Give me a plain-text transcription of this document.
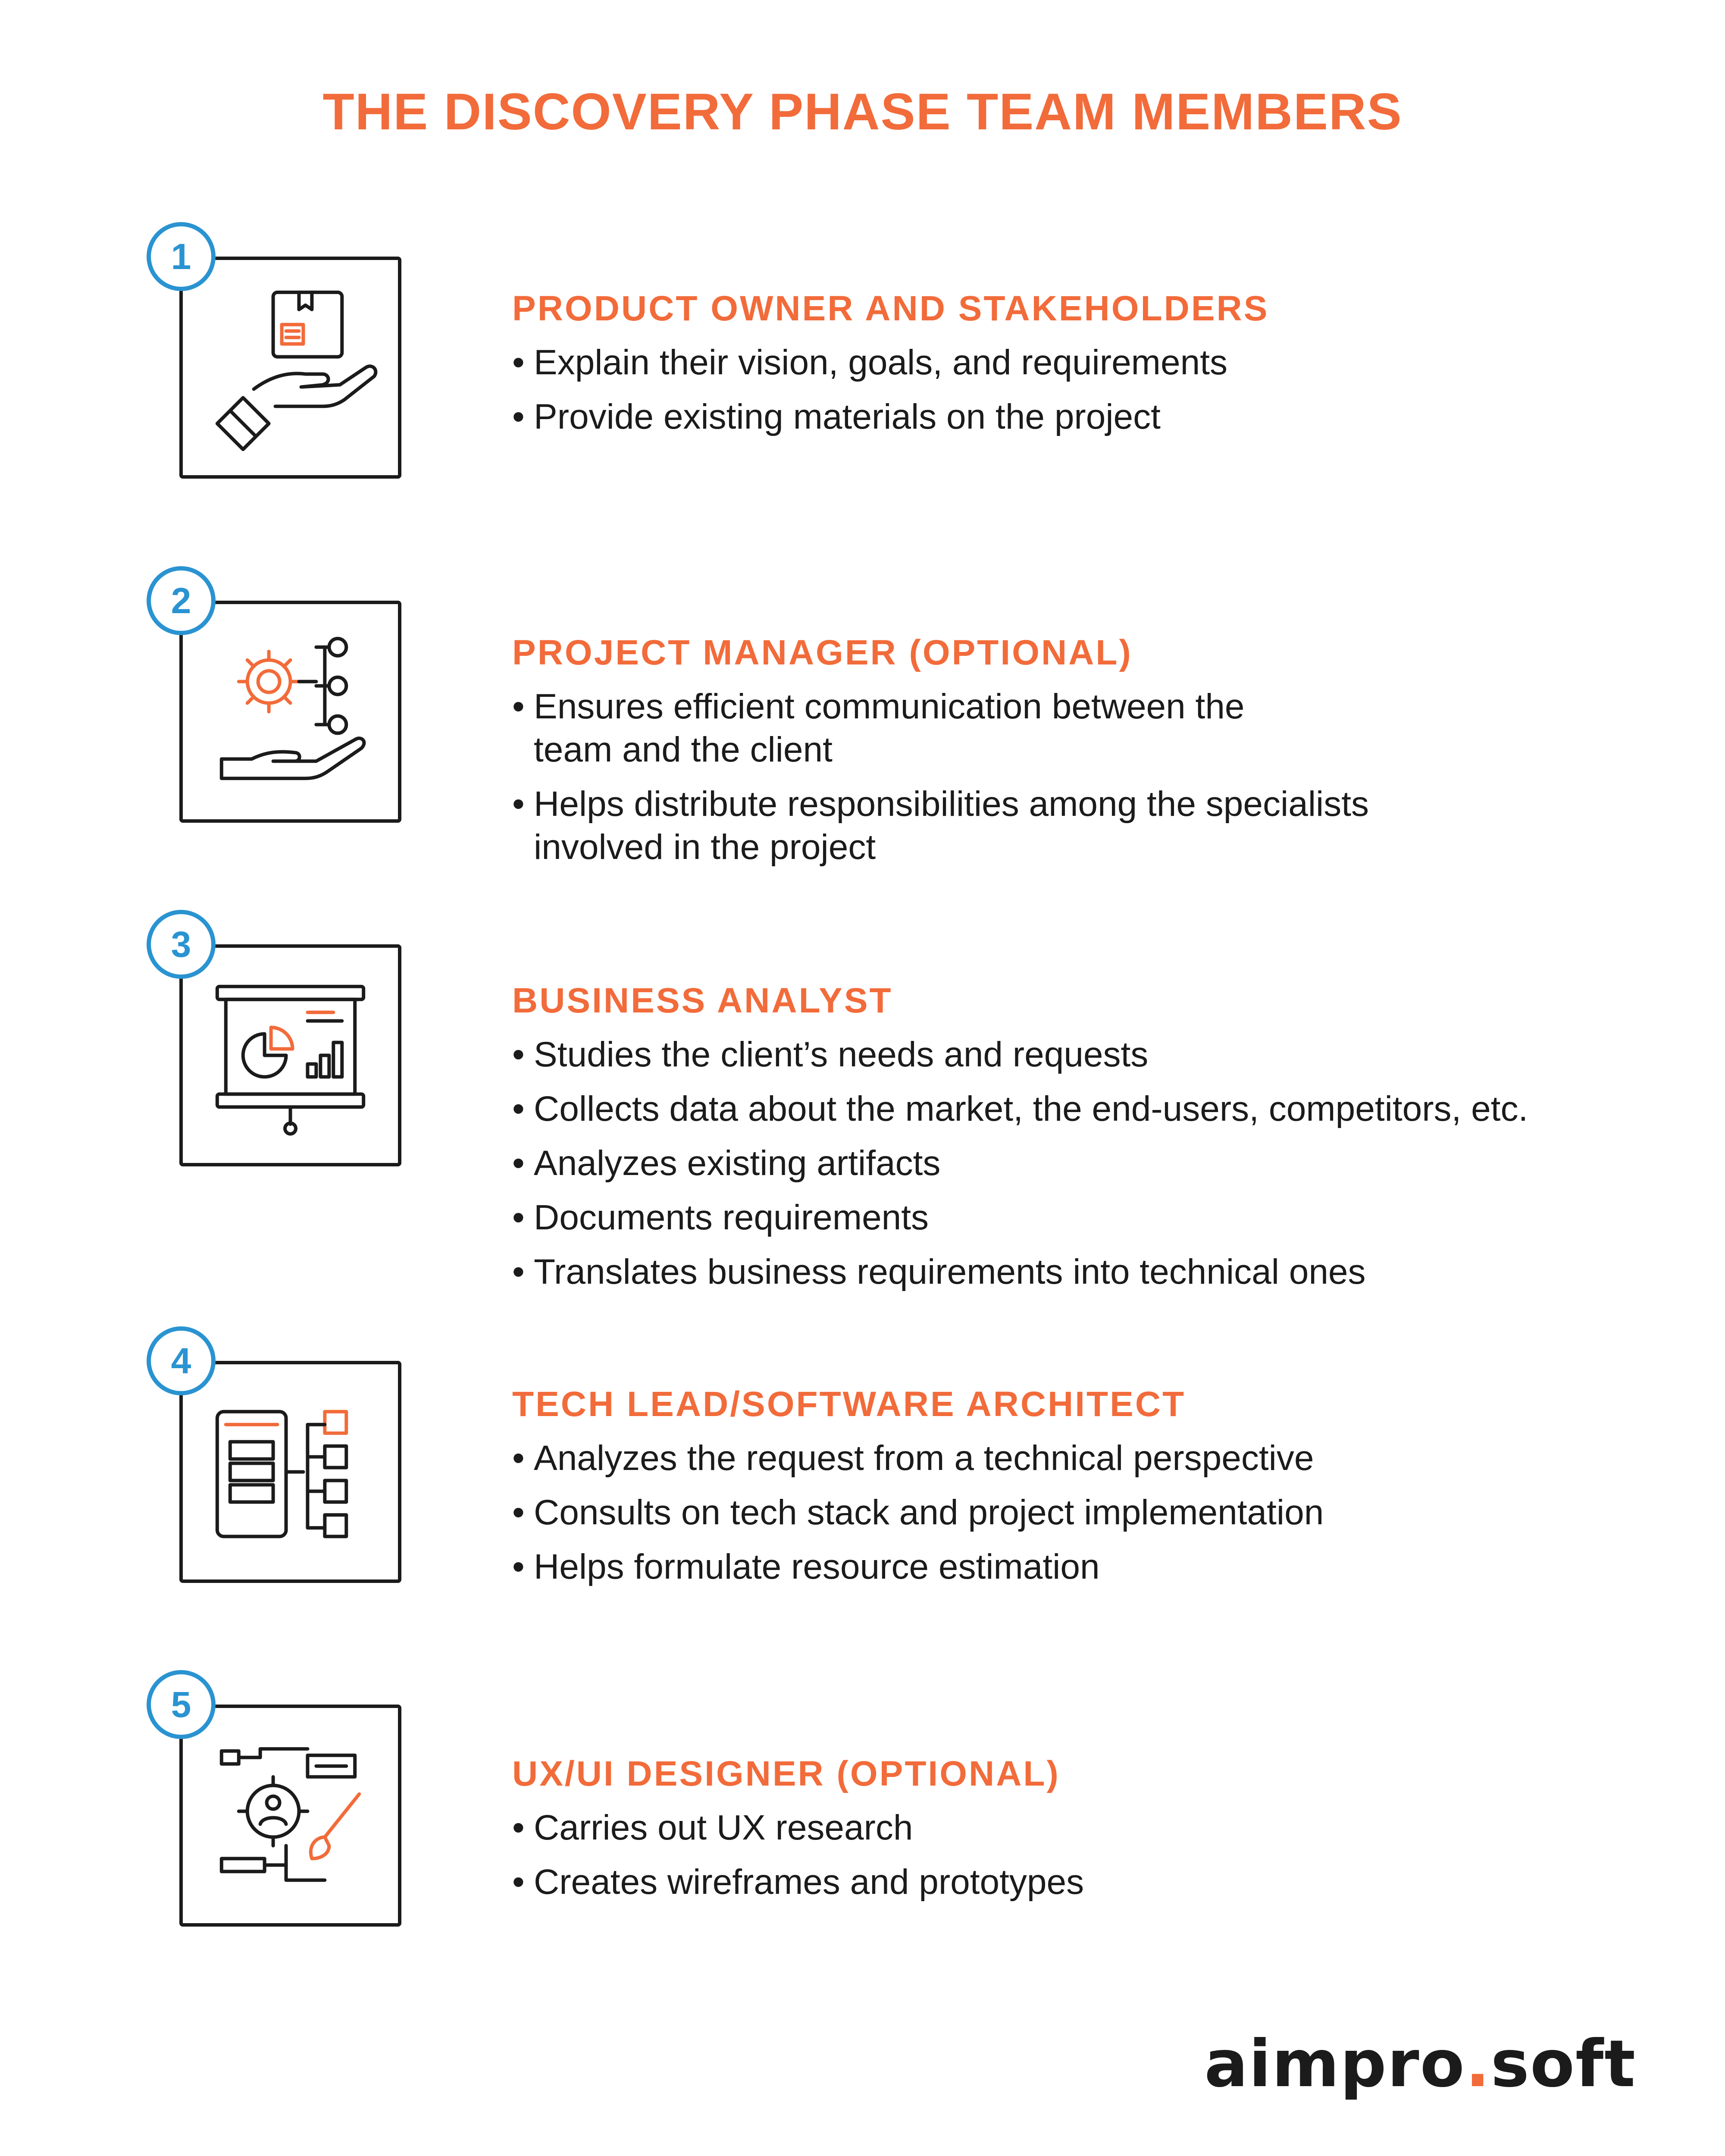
THE DISCOVERY PHASE TEAM MEMBERS
1
PRODUCT OWNER AND STAKEHOLDERS
• Explain their vision, goals, and requirements
• Provide existing materials on the project
2
PROJECT MANAGER (OPTIONAL)
• Ensures efficient communication between the team and the client
• Helps distribute responsibilities among the specialists involved in the project
3
BUSINESS ANALYST
• Studies the client’s needs and requests
• Collects data about the market, the end-users, competitors, etc.
• Analyzes existing artifacts
• Documents requirements
• Translates business requirements into technical ones
4
TECH LEAD/SOFTWARE ARCHITECT
• Analyzes the request from a technical perspective
• Consults on tech stack and project implementation
• Helps formulate resource estimation
5
UX/UI DESIGNER (OPTIONAL)
• Carries out UX research
• Creates wireframes and prototypes
aimpro.soft
